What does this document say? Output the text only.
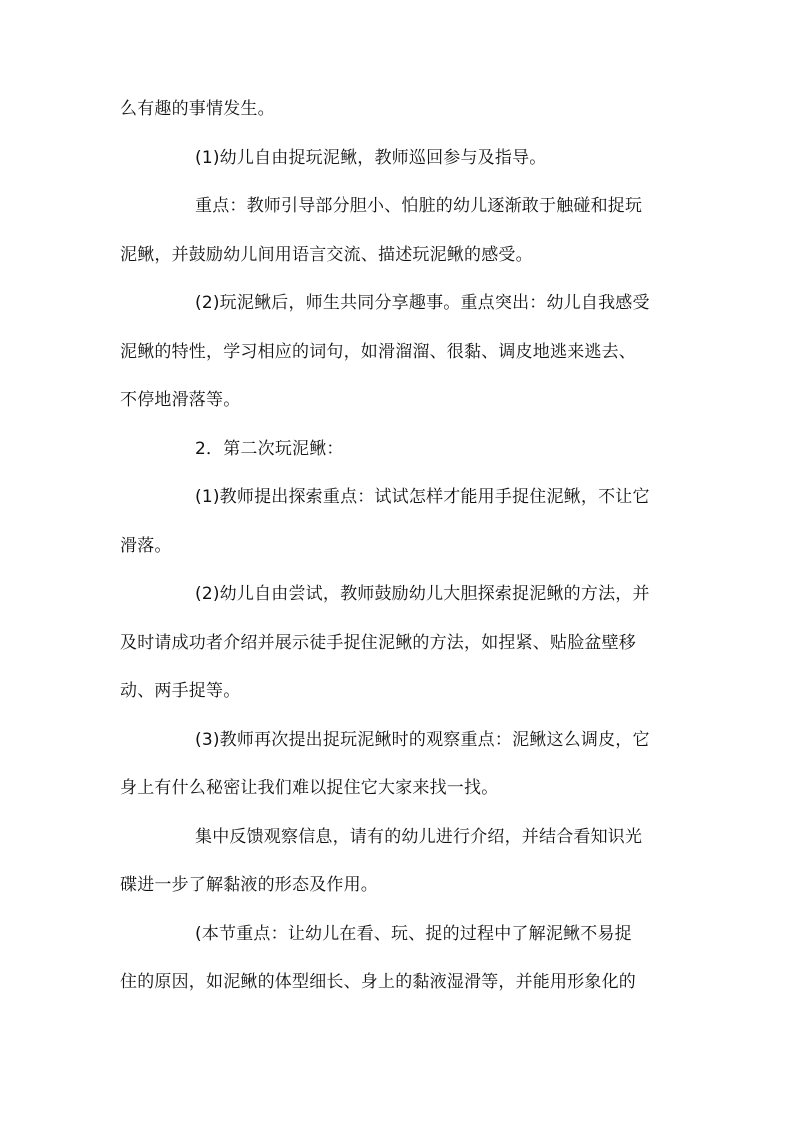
么有趣的事情发生。
(1)幼儿自由捉玩泥鳅，教师巡回参与及指导。
重点：教师引导部分胆小、怕脏的幼儿逐渐敢于触碰和捉玩
泥鳅，并鼓励幼儿间用语言交流、描述玩泥鳅的感受。
(2)玩泥鳅后，师生共同分享趣事。重点突出：幼儿自我感受
泥鳅的特性，学习相应的词句，如滑溜溜、很黏、调皮地逃来逃去、
不停地滑落等。
2．第二次玩泥鳅：
(1)教师提出探索重点：试试怎样才能用手捉住泥鳅，不让它
滑落。
(2)幼儿自由尝试，教师鼓励幼儿大胆探索捉泥鳅的方法，并
及时请成功者介绍并展示徒手捉住泥鳅的方法，如捏紧、贴脸盆壁移
动、两手捉等。
(3)教师再次提出捉玩泥鳅时的观察重点：泥鳅这么调皮，它
身上有什么秘密让我们难以捉住它大家来找一找。
集中反馈观察信息，请有的幼儿进行介绍，并结合看知识光
碟进一步了解黏液的形态及作用。
(本节重点：让幼儿在看、玩、捉的过程中了解泥鳅不易捉
住的原因，如泥鳅的体型细长、身上的黏液湿滑等，并能用形象化的
